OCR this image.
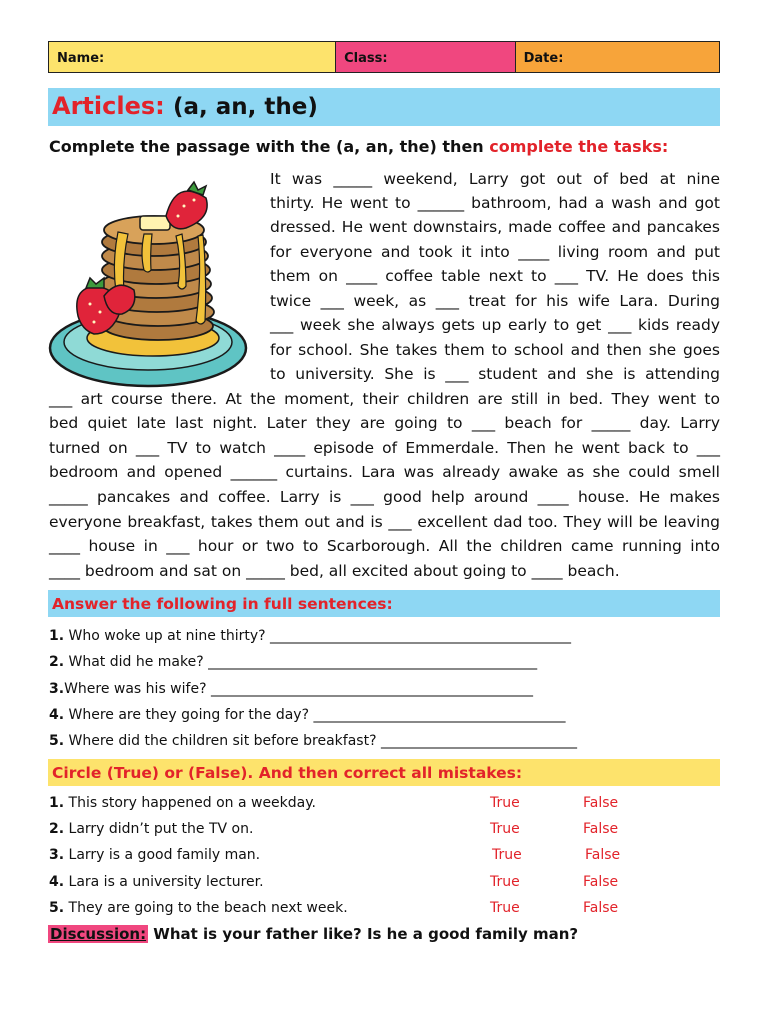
Name:	Class:	Date:
Articles: (a, an, the)
Complete the passage with the (a, an, the) then complete the tasks:
It was _____ weekend, Larry got out of bed at nine
thirty. He went to ______ bathroom, had a wash and got
dressed. He went downstairs, made coffee and pancakes
for everyone and took it into ____ living room and put
them on ____ coffee table next to ___ TV. He does this
twice ___ week, as ___ treat for his wife Lara. During
___ week she always gets up early to get ___ kids ready
for school. She takes them to school and then she goes
to university. She is ___ student and she is attending
___ art course there. At the moment, their children are still in bed. They went to
bed quiet late last night. Later they are going to ___ beach for _____ day. Larry
turned on ___ TV to watch ____ episode of Emmerdale. Then he went back to ___
bedroom and opened ______ curtains. Lara was already awake as she could smell
_____ pancakes and coffee. Larry is ___ good help around ____ house. He makes
everyone breakfast, takes them out and is ___ excellent dad too. They will be leaving
____ house in ___ hour or two to Scarborough. All the children came running into
____ bedroom and sat on _____ bed, all excited about going to ____ beach.
Answer the following in full sentences:
1. Who woke up at nine thirty? ___________________________________________
2. What did he make? _______________________________________________
3.Where was his wife? ______________________________________________
4. Where are they going for the day? ____________________________________
5. Where did the children sit before breakfast? ____________________________
Circle (True) or (False). And then correct all mistakes:
1. This story happened on a weekday.	True	False
2. Larry didn’t put the TV on.	True	False
3. Larry is a good family man.	True	False
4. Lara is a university lecturer.	True	False
5. They are going to the beach next week.	True	False
Discussion: What is your father like? Is he a good family man?
